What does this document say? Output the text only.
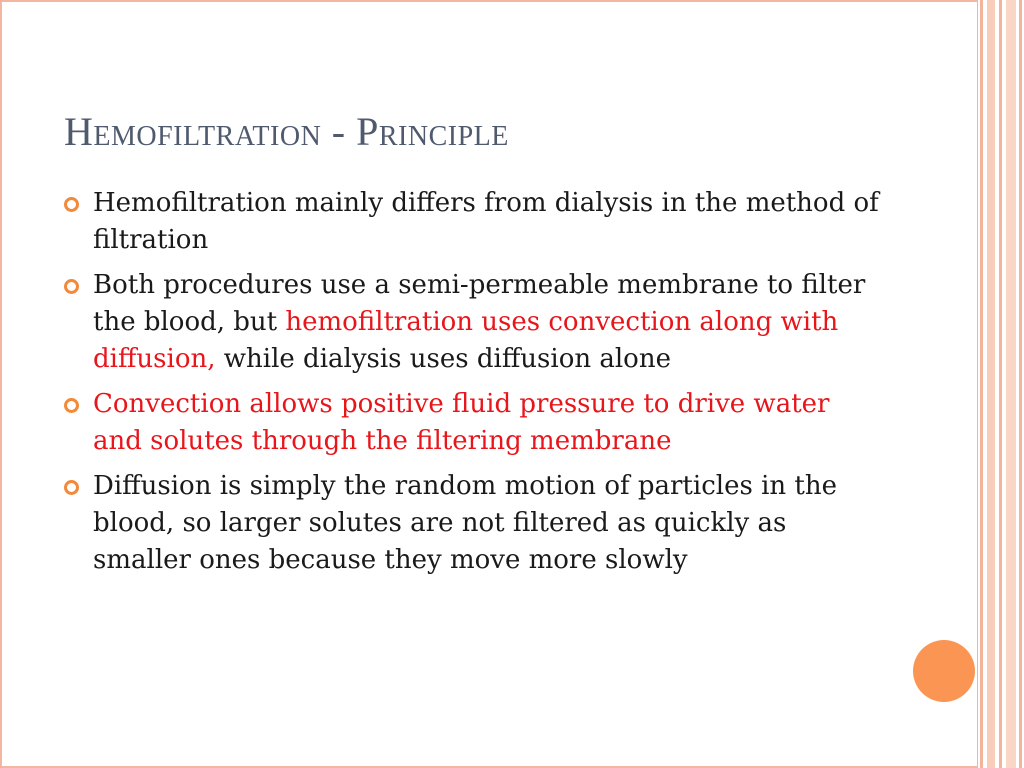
Hemofiltration - Principle
Hemofiltration mainly differs from dialysis in the method of filtration
Both procedures use a semi-permeable membrane to filter the blood, but hemofiltration uses convection along with diffusion, while dialysis uses diffusion alone
Convection allows positive fluid pressure to drive water and solutes through the filtering membrane
Diffusion is simply the random motion of particles in the blood, so larger solutes are not filtered as quickly as smaller ones because they move more slowly
